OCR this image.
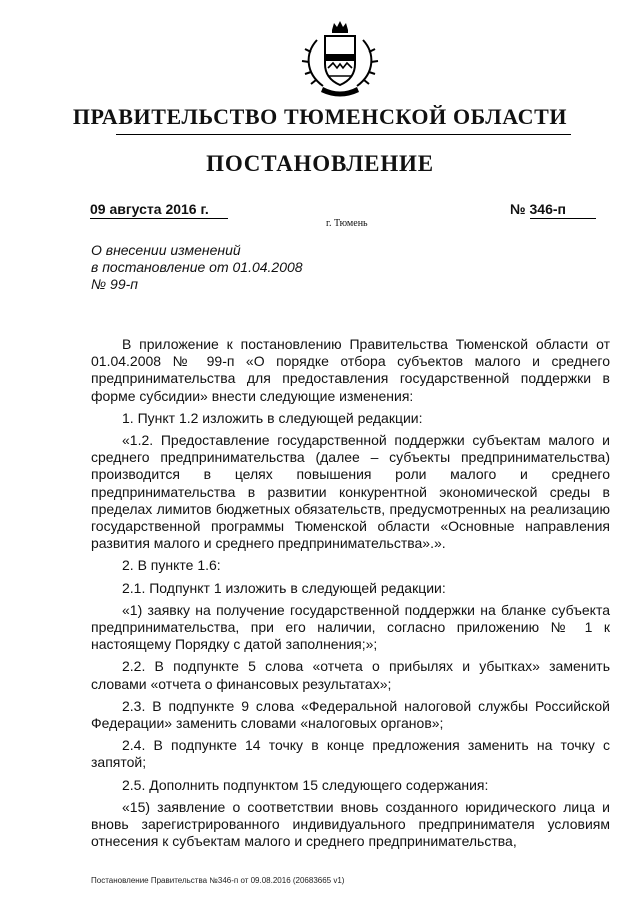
ПРАВИТЕЛЬСТВО ТЮМЕНСКОЙ ОБЛАСТИ
ПОСТАНОВЛЕНИЕ
09 августа 2016 г.	№ 346-п
г. Тюмень
О внесении изменений
в постановление от 01.04.2008
№ 99-п

В приложение к постановлению Правительства Тюменской области от 01.04.2008 № 99-п «О порядке отбора субъектов малого и среднего предпринимательства для предоставления государственной поддержки в форме субсидии» внести следующие изменения:

1. Пункт 1.2 изложить в следующей редакции:

«1.2. Предоставление государственной поддержки субъектам малого и среднего предпринимательства (далее – субъекты предпринимательства) производится в целях повышения роли малого и среднего предпринимательства в развитии конкурентной экономической среды в пределах лимитов бюджетных обязательств, предусмотренных на реализацию государственной программы Тюменской области «Основные направления развития малого и среднего предпринимательства».».

2. В пункте 1.6:

2.1. Подпункт 1 изложить в следующей редакции:

«1) заявку на получение государственной поддержки на бланке субъекта предпринимательства, при его наличии, согласно приложению № 1 к настоящему Порядку с датой заполнения;»;

2.2. В подпункте 5 слова «отчета о прибылях и убытках» заменить словами «отчета о финансовых результатах»;

2.3. В подпункте 9 слова «Федеральной налоговой службы Российской Федерации» заменить словами «налоговых органов»;

2.4. В подпункте 14 точку в конце предложения заменить на точку с запятой;

2.5. Дополнить подпунктом 15 следующего содержания:

«15) заявление о соответствии вновь созданного юридического лица и вновь зарегистрированного индивидуального предпринимателя условиям отнесения к субъектам малого и среднего предпринимательства,

Постановление Правительства №346-п от 09.08.2016 (20683665 v1)
